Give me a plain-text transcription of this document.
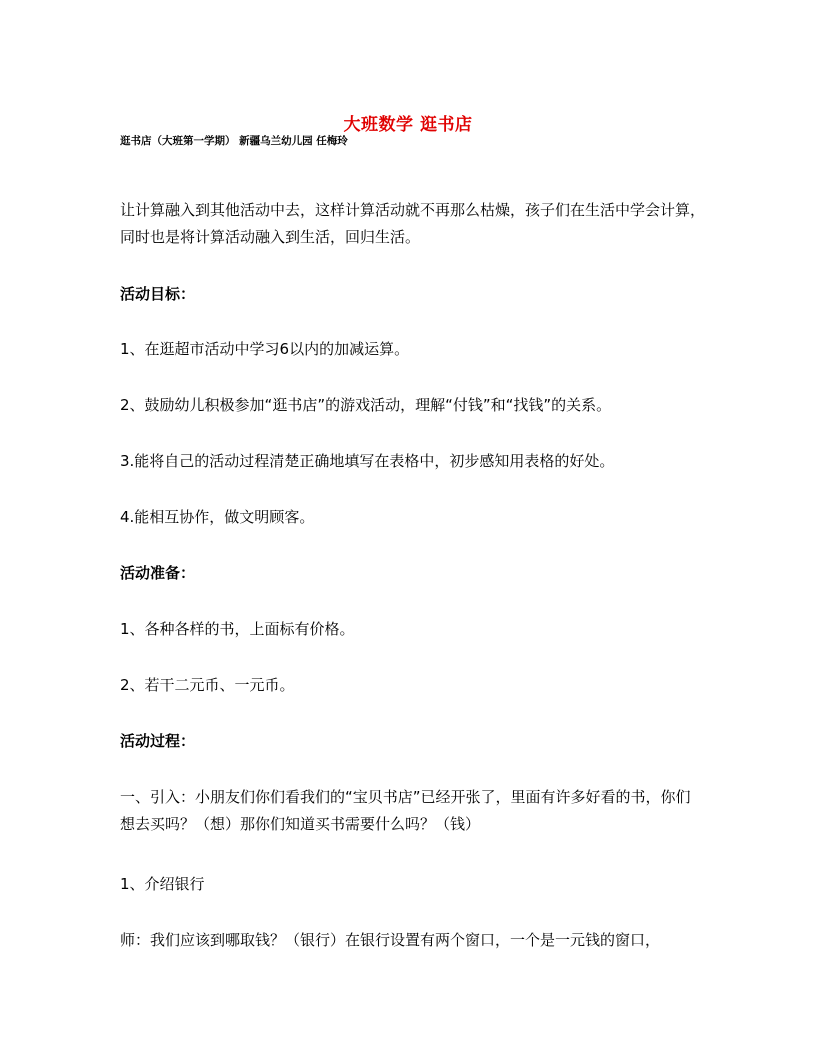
大班数学 逛书店
逛书店（大班第一学期） 新疆乌兰幼儿园 任梅玲
让计算融入到其他活动中去，这样计算活动就不再那么枯燥，孩子们在生活中学会计算，同时也是将计算活动融入到生活，回归生活。
活动目标：
1、在逛超市活动中学习6以内的加减运算。
2、鼓励幼儿积极参加“逛书店”的游戏活动，理解“付钱”和“找钱”的关系。
3.能将自己的活动过程清楚正确地填写在表格中，初步感知用表格的好处。
4.能相互协作，做文明顾客。
活动准备：
1、各种各样的书，上面标有价格。
2、若干二元币、一元币。
活动过程：
一、引入：小朋友们你们看我们的“宝贝书店”已经开张了，里面有许多好看的书，你们想去买吗？（想）那你们知道买书需要什么吗？（钱）
1、介绍银行
师：我们应该到哪取钱？（银行）在银行设置有两个窗口，一个是一元钱的窗口，
